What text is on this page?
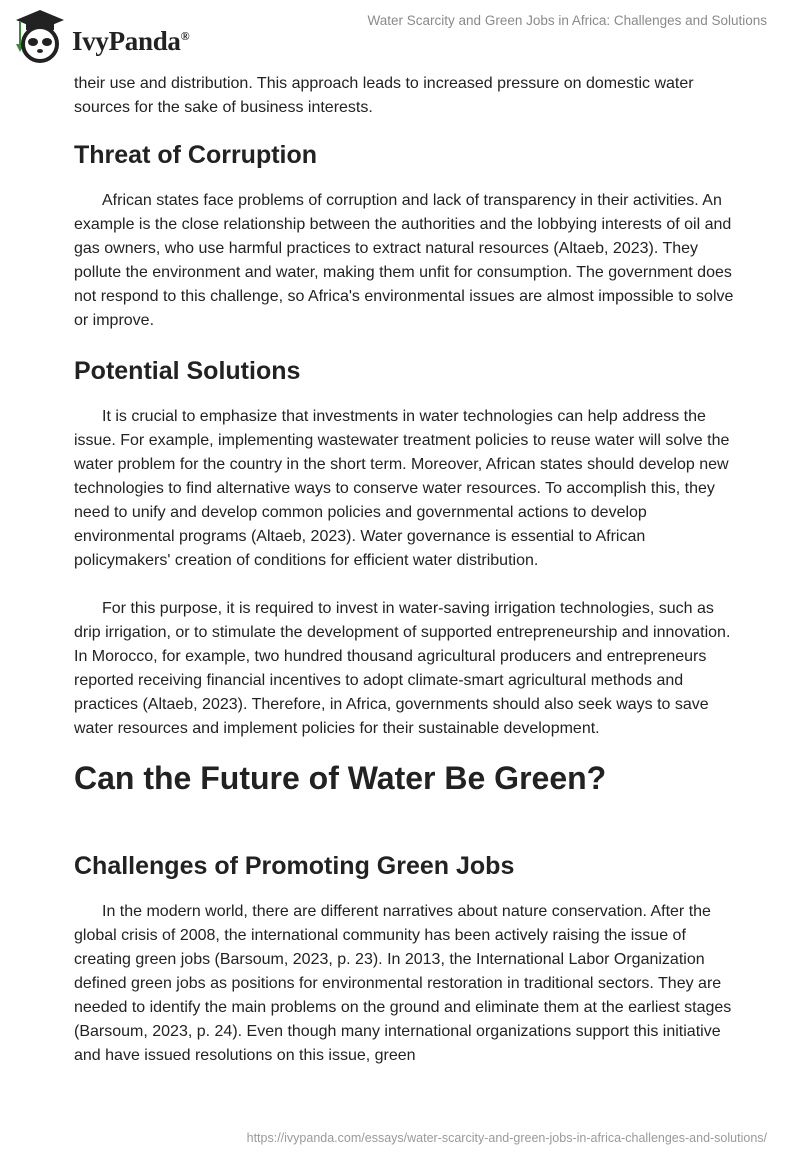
IvyPanda®
Water Scarcity and Green Jobs in Africa: Challenges and Solutions

their use and distribution. This approach leads to increased pressure on domestic water sources for the sake of business interests.

Threat of Corruption

African states face problems of corruption and lack of transparency in their activities. An example is the close relationship between the authorities and the lobbying interests of oil and gas owners, who use harmful practices to extract natural resources (Altaeb, 2023). They pollute the environment and water, making them unfit for consumption. The government does not respond to this challenge, so Africa's environmental issues are almost impossible to solve or improve.

Potential Solutions

It is crucial to emphasize that investments in water technologies can help address the issue. For example, implementing wastewater treatment policies to reuse water will solve the water problem for the country in the short term. Moreover, African states should develop new technologies to find alternative ways to conserve water resources. To accomplish this, they need to unify and develop common policies and governmental actions to develop environmental programs (Altaeb, 2023). Water governance is essential to African policymakers' creation of conditions for efficient water distribution.

For this purpose, it is required to invest in water-saving irrigation technologies, such as drip irrigation, or to stimulate the development of supported entrepreneurship and innovation. In Morocco, for example, two hundred thousand agricultural producers and entrepreneurs reported receiving financial incentives to adopt climate-smart agricultural methods and practices (Altaeb, 2023). Therefore, in Africa, governments should also seek ways to save water resources and implement policies for their sustainable development.

Can the Future of Water Be Green?
Challenges of Promoting Green Jobs

In the modern world, there are different narratives about nature conservation. After the global crisis of 2008, the international community has been actively raising the issue of creating green jobs (Barsoum, 2023, p. 23). In 2013, the International Labor Organization defined green jobs as positions for environmental restoration in traditional sectors. They are needed to identify the main problems on the ground and eliminate them at the earliest stages (Barsoum, 2023, p. 24). Even though many international organizations support this initiative and have issued resolutions on this issue, green

https://ivypanda.com/essays/water-scarcity-and-green-jobs-in-africa-challenges-and-solutions/
